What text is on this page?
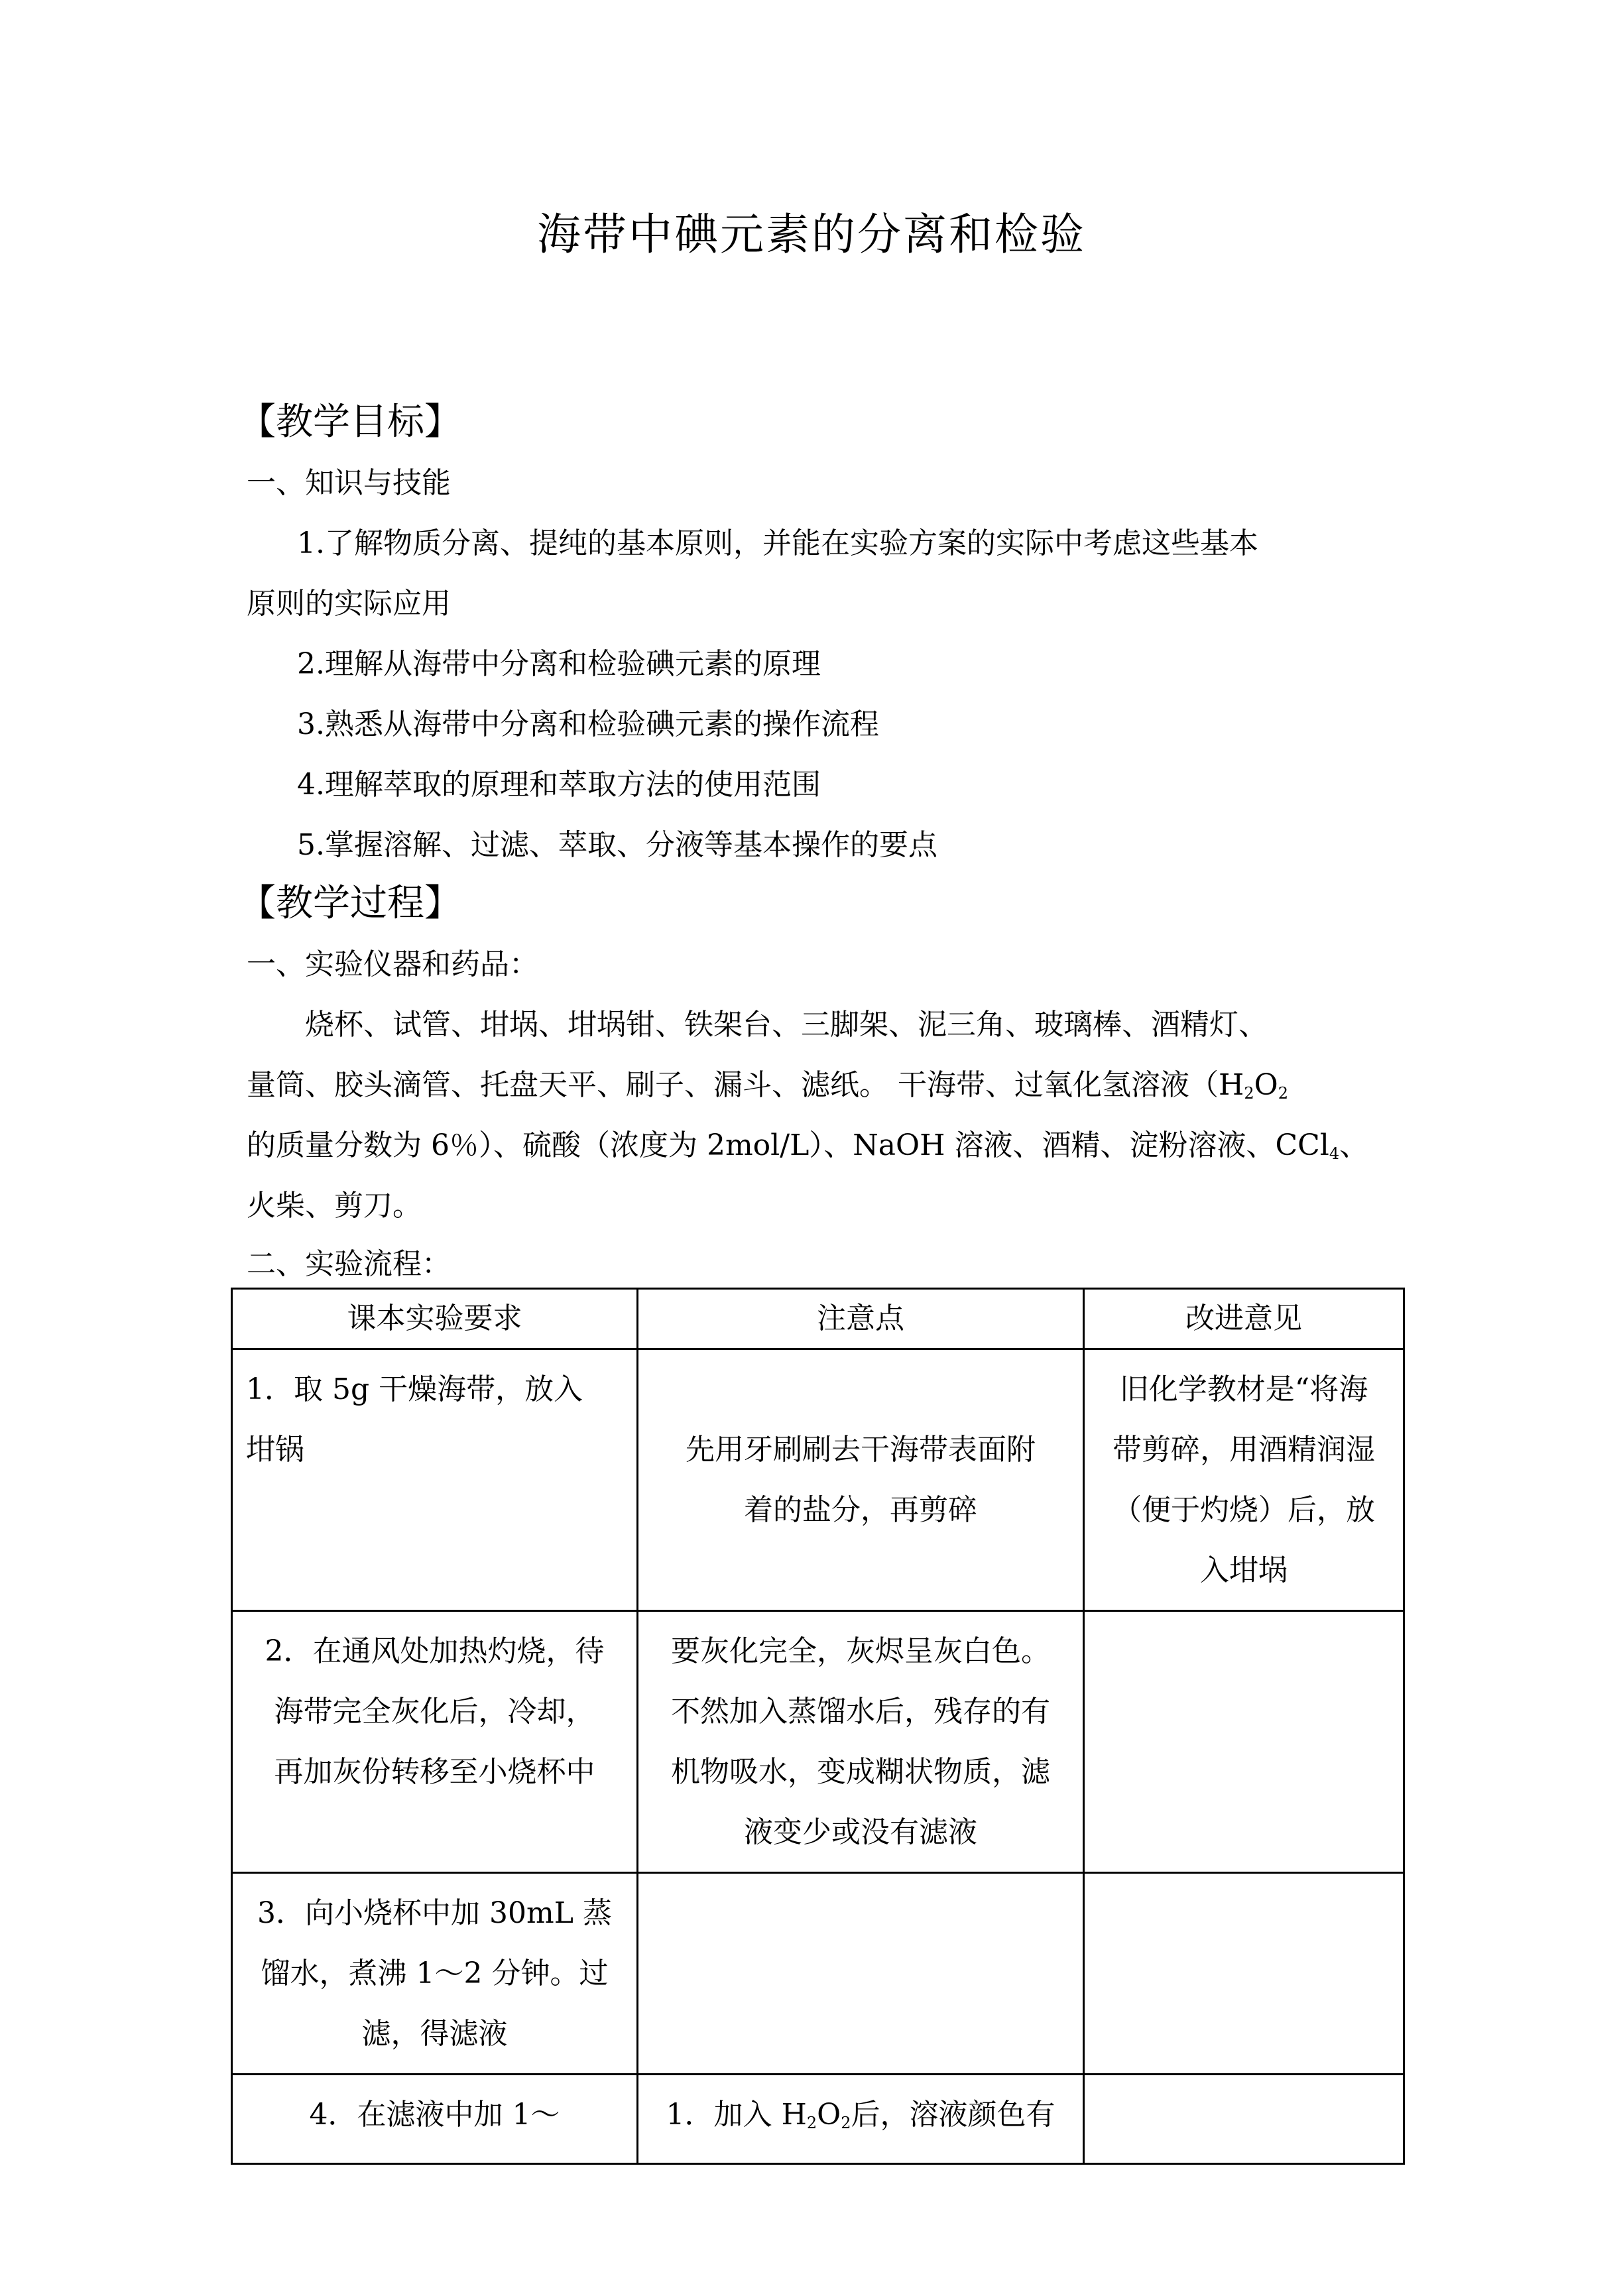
海带中碘元素的分离和检验
【教学目标】
一、知识与技能
1.了解物质分离、提纯的基本原则，并能在实验方案的实际中考虑这些基本
原则的实际应用
2.理解从海带中分离和检验碘元素的原理
3.熟悉从海带中分离和检验碘元素的操作流程
4.理解萃取的原理和萃取方法的使用范围
5.掌握溶解、过滤、萃取、分液等基本操作的要点
【教学过程】
一、实验仪器和药品：
烧杯、试管、坩埚、坩埚钳、铁架台、三脚架、泥三角、玻璃棒、酒精灯、
量筒、胶头滴管、托盘天平、刷子、漏斗、滤纸。 干海带、过氧化氢溶液（$H_2O_2$
的质量分数为 6％）、硫酸（浓度为 2mol/L）、NaOH 溶液、酒精、淀粉溶液、CCl$_4$、
火柴、剪刀。
二、实验流程：
课本实验要求	注意点	改进意见

1．取 5g 干燥海带，放入
坩锅	先用牙刷刷去干海带表面附
着的盐分，再剪碎	旧化学教材是“将海
带剪碎，用酒精润湿
（便于灼烧）后，放
入坩埚

2．在通风处加热灼烧，待
海带完全灰化后，冷却，
再加灰份转移至小烧杯中	要灰化完全，灰烬呈灰白色。
不然加入蒸馏水后，残存的有
机物吸水，变成糊状物质，滤
液变少或没有滤液	

3．向小烧杯中加 30mL 蒸
馏水，煮沸 1～2 分钟。过
滤，得滤液		

4．在滤液中加 1～	1．加入 $H_2O_2$后，溶液颜色有	
